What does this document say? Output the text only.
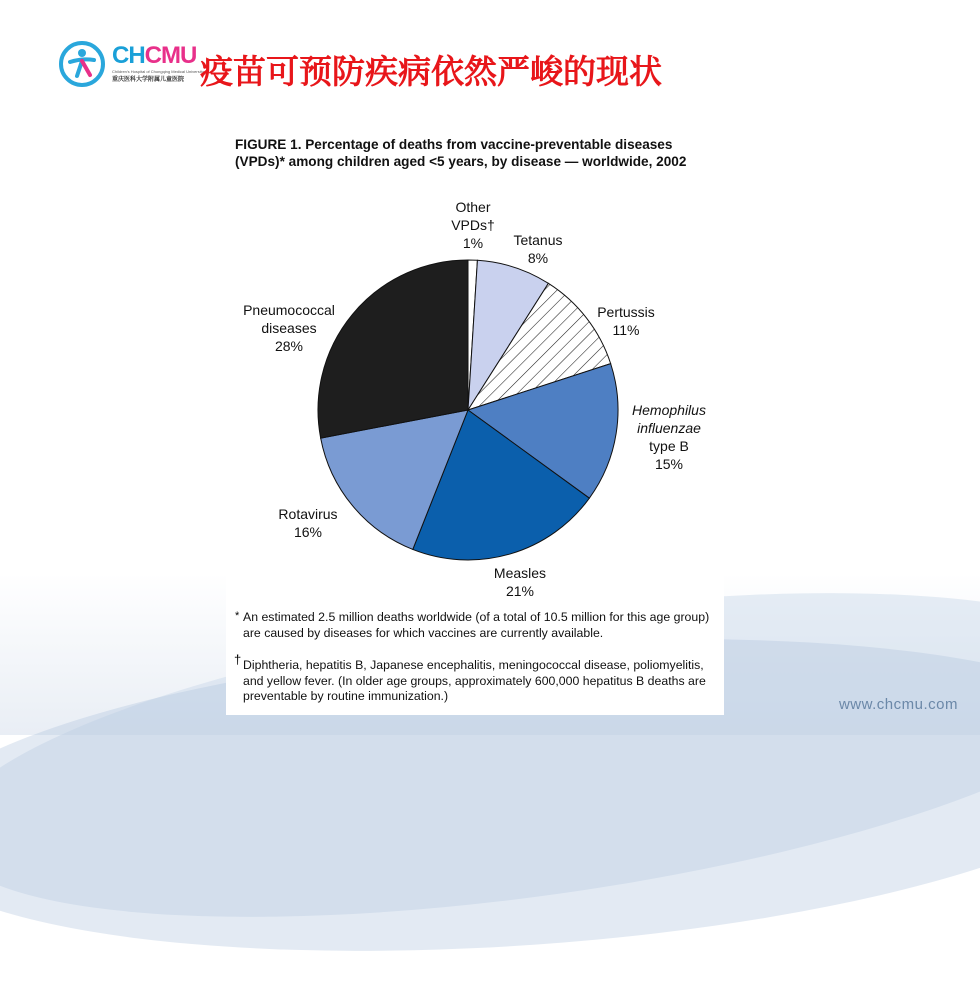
CHCMU
Children's Hospital of Chongqing Medical University
重庆医科大学附属儿童医院 疫苗可预防疾病依然严峻的现状
FIGURE 1. Percentage of deaths from vaccine-preventable diseases (VPDs)* among children aged <5 years, by disease — worldwide, 2002
Other VPDs† 1%	Tetanus 8%
Pertussis 11%
Hemophilus influenzae type B 15%
Measles 21%
Rotavirus 16%
Pneumococcal diseases 28%
* An estimated 2.5 million deaths worldwide (of a total of 10.5 million for this age group) are caused by diseases for which vaccines are currently available.
† Diphtheria, hepatitis B, Japanese encephalitis, meningococcal disease, poliomyelitis, and yellow fever. (In older age groups, approximately 600,000 hepatitus B deaths are preventable by routine immunization.)	www.chcmu.com
